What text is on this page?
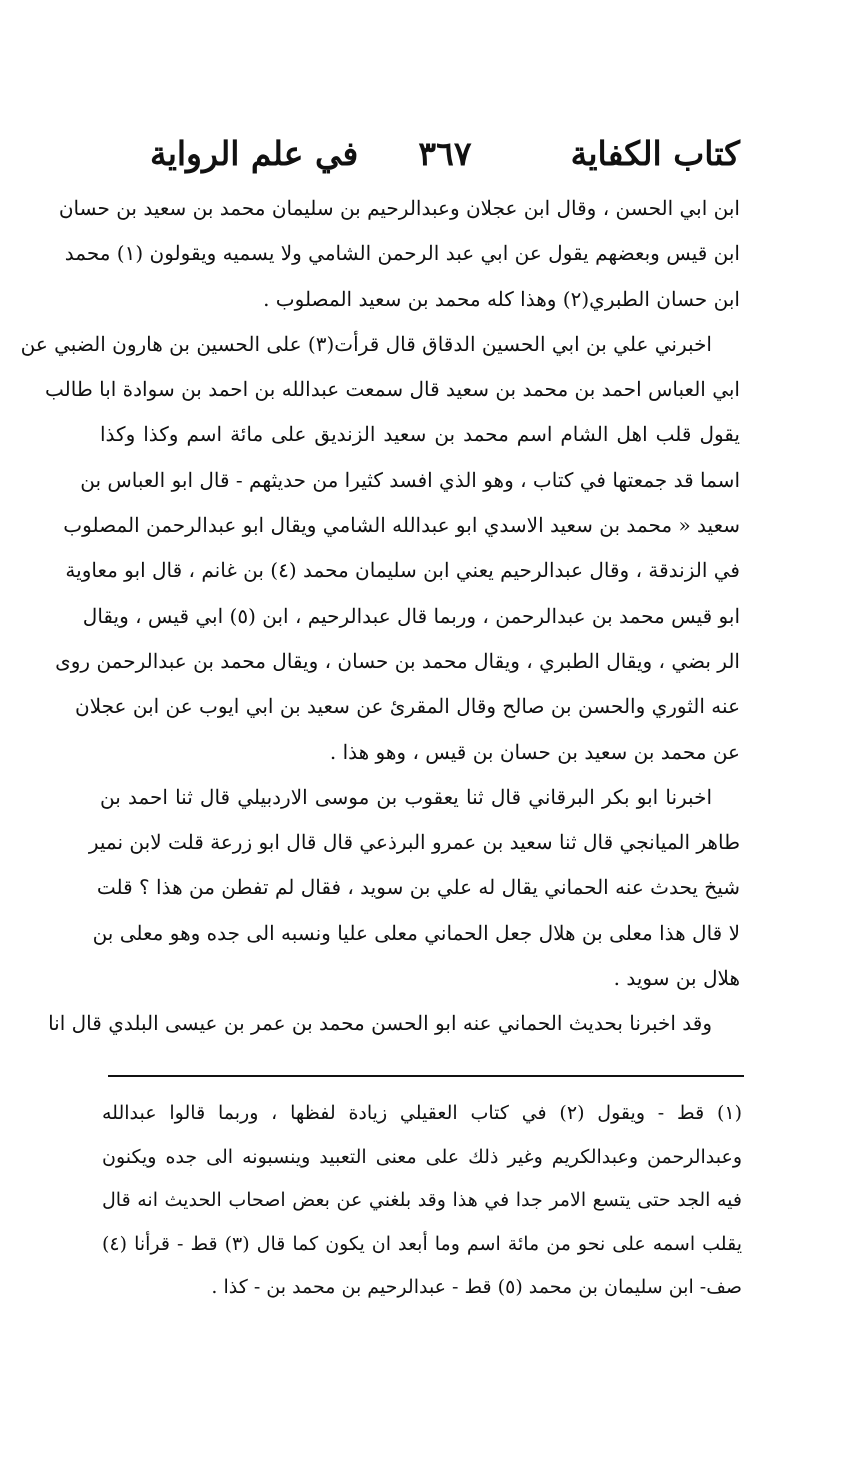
كتاب الكفاية
٣٦٧
في علم الرواية
ابن ابي الحسن ، وقال ابن عجلان وعبدالرحيم بن سليمان محمد بن سعيد بن حسان
ابن قيس وبعضهم يقول عن ابي عبد الرحمن الشامي ولا يسميه ويقولون (١) محمد
ابن حسان الطبري(٢) وهذا كله محمد بن سعيد المصلوب .
اخبرني علي بن ابي الحسين الدقاق قال قرأت(٣) على الحسين بن هارون الضبي عن
ابي العباس احمد بن محمد بن سعيد قال سمعت عبدالله بن احمد بن سوادة ابا طالب
يقول قلب اهل الشام اسم محمد بن سعيد الزنديق على مائة اسم وكذا وكذا
اسما قد جمعتها في كتاب ، وهو الذي افسد كثيرا من حديثهم - قال ابو العباس بن
سعيد « محمد بن سعيد الاسدي ابو عبدالله الشامي ويقال ابو عبدالرحمن المصلوب
في الزندقة ، وقال عبدالرحيم يعني ابن سليمان محمد (٤) بن غانم ، قال ابو معاوية
ابو قيس محمد بن عبدالرحمن ، وربما قال عبدالرحيم ، ابن (٥) ابي قيس ، ويقال
الر بضي ، ويقال الطبري ، ويقال محمد بن حسان ، ويقال محمد بن عبدالرحمن روى
عنه الثوري والحسن بن صالح وقال المقرئ عن سعيد بن ابي ايوب عن ابن عجلان
عن محمد بن سعيد بن حسان بن قيس ، وهو هذا .
اخبرنا ابو بكر البرقاني قال ثنا يعقوب بن موسى الاردبيلي قال ثنا احمد بن
طاهر الميانجي قال ثنا سعيد بن عمرو البرذعي قال قال ابو زرعة قلت لابن نمير
شيخ يحدث عنه الحماني يقال له علي بن سويد ، فقال لم تفطن من هذا ؟ قلت
لا قال هذا معلى بن هلال جعل الحماني معلى عليا ونسبه الى جده وهو معلى بن
هلال بن سويد .
وقد اخبرنا بحديث الحماني عنه ابو الحسن محمد بن عمر بن عيسى البلدي قال انا
(١) قط - ويقول (٢) في كتاب العقيلي زيادة لفظها ، وربما قالوا عبدالله
وعبدالرحمن وعبدالكريم وغير ذلك على معنى التعبيد وينسبونه الى جده ويكنون
فيه الجد حتى يتسع الامر جدا في هذا وقد بلغني عن بعض اصحاب الحديث انه قال
يقلب اسمه على نحو من مائة اسم وما أبعد ان يكون كما قال (٣) قط - قرأنا (٤)
صف- ابن سليمان بن محمد (٥) قط - عبدالرحيم بن محمد بن - كذا .
